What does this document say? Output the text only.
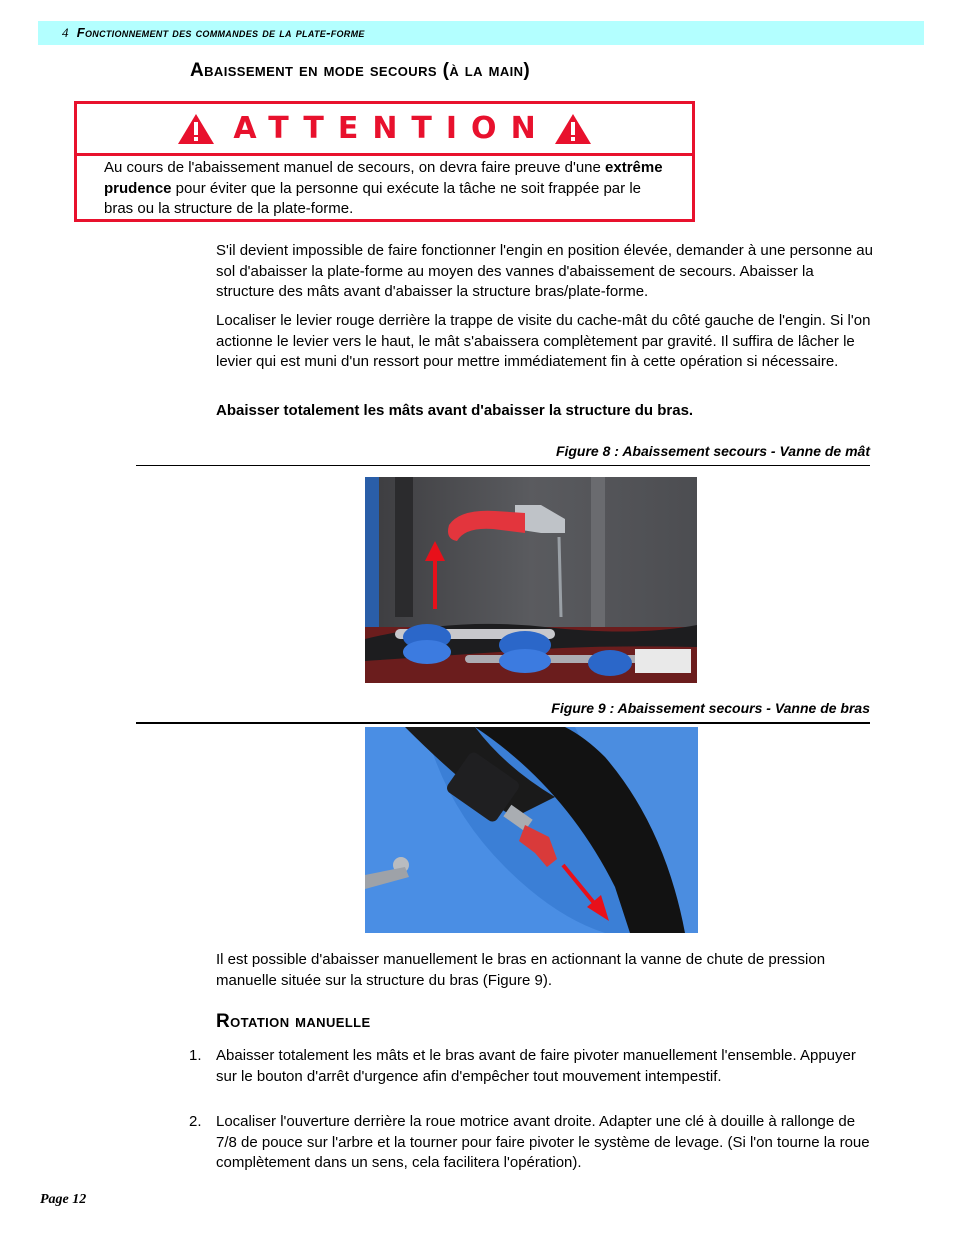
4 Fonctionnement des commandes de la plate-forme
Abaissement en mode secours (à la main)
ATTENTION
Au cours de l'abaissement manuel de secours, on devra faire preuve d'une extrême prudence pour éviter que la personne qui exécute la tâche ne soit frappée par le bras ou la structure de la plate-forme.
S'il devient impossible de faire fonctionner l'engin en position élevée, demander à une personne au sol d'abaisser la plate-forme au moyen des vannes d'abaissement de secours. Abaisser la structure des mâts avant d'abaisser la structure bras/plate-forme.
Localiser le levier rouge derrière la trappe de visite du cache-mât du côté gauche de l'engin. Si l'on actionne le levier vers le haut, le mât s'abaissera complètement par gravité. Il suffira de lâcher le levier qui est muni d'un ressort pour mettre immédiatement fin à cette opération si nécessaire.
Abaisser totalement les mâts avant d'abaisser la structure du bras.
Figure 8 : Abaissement secours - Vanne de mât
Figure 9 : Abaissement secours - Vanne de bras
Il est possible d'abaisser manuellement le bras en actionnant la vanne de chute de pression manuelle située sur la structure du bras (Figure 9).
Rotation manuelle
1. Abaisser totalement les mâts et le bras avant de faire pivoter manuellement l'ensemble. Appuyer sur le bouton d'arrêt d'urgence afin d'empêcher tout mouvement intempestif.
2. Localiser l'ouverture derrière la roue motrice avant droite. Adapter une clé à douille à rallonge de 7/8 de pouce sur l'arbre et la tourner pour faire pivoter le système de levage. (Si l'on tourne la roue complètement dans un sens, cela facilitera l'opération).
Page 12
